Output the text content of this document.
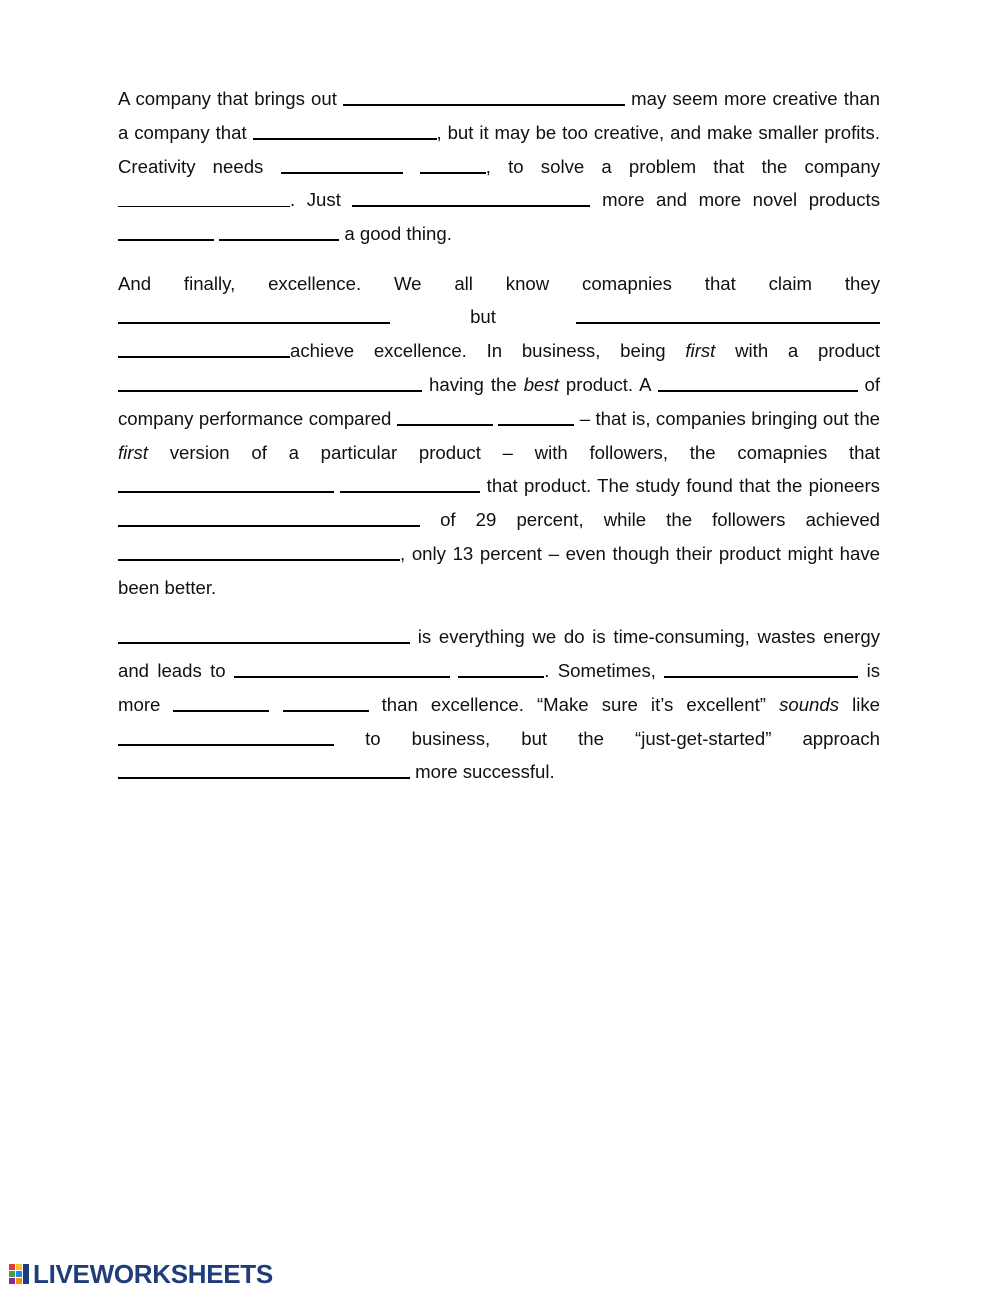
A company that brings out	may seem more creative than a company that	, but it may be too creative, and make smaller profits. Creativity needs	, to solve a problem that the company . Just	more and more novel products   a good thing.

And finally, excellence. We all know comapnies that claim they  but  achieve excellence. In business, being first with a product  having the best product. A	of company performance compared	– that is, companies bringing out the first version of a particular product – with followers, the comapnies that   that product. The study found that the pioneers  of 29 percent, while the followers achieved , only 13 percent – even though their product might have been better.

is everything we do is time-consuming, wastes energy and leads to	. Sometimes,	is more	than excellence. “Make sure it’s excellent” sounds like  to business, but the “just-get-started” approach  more successful.

LIVEWORKSHEETS
